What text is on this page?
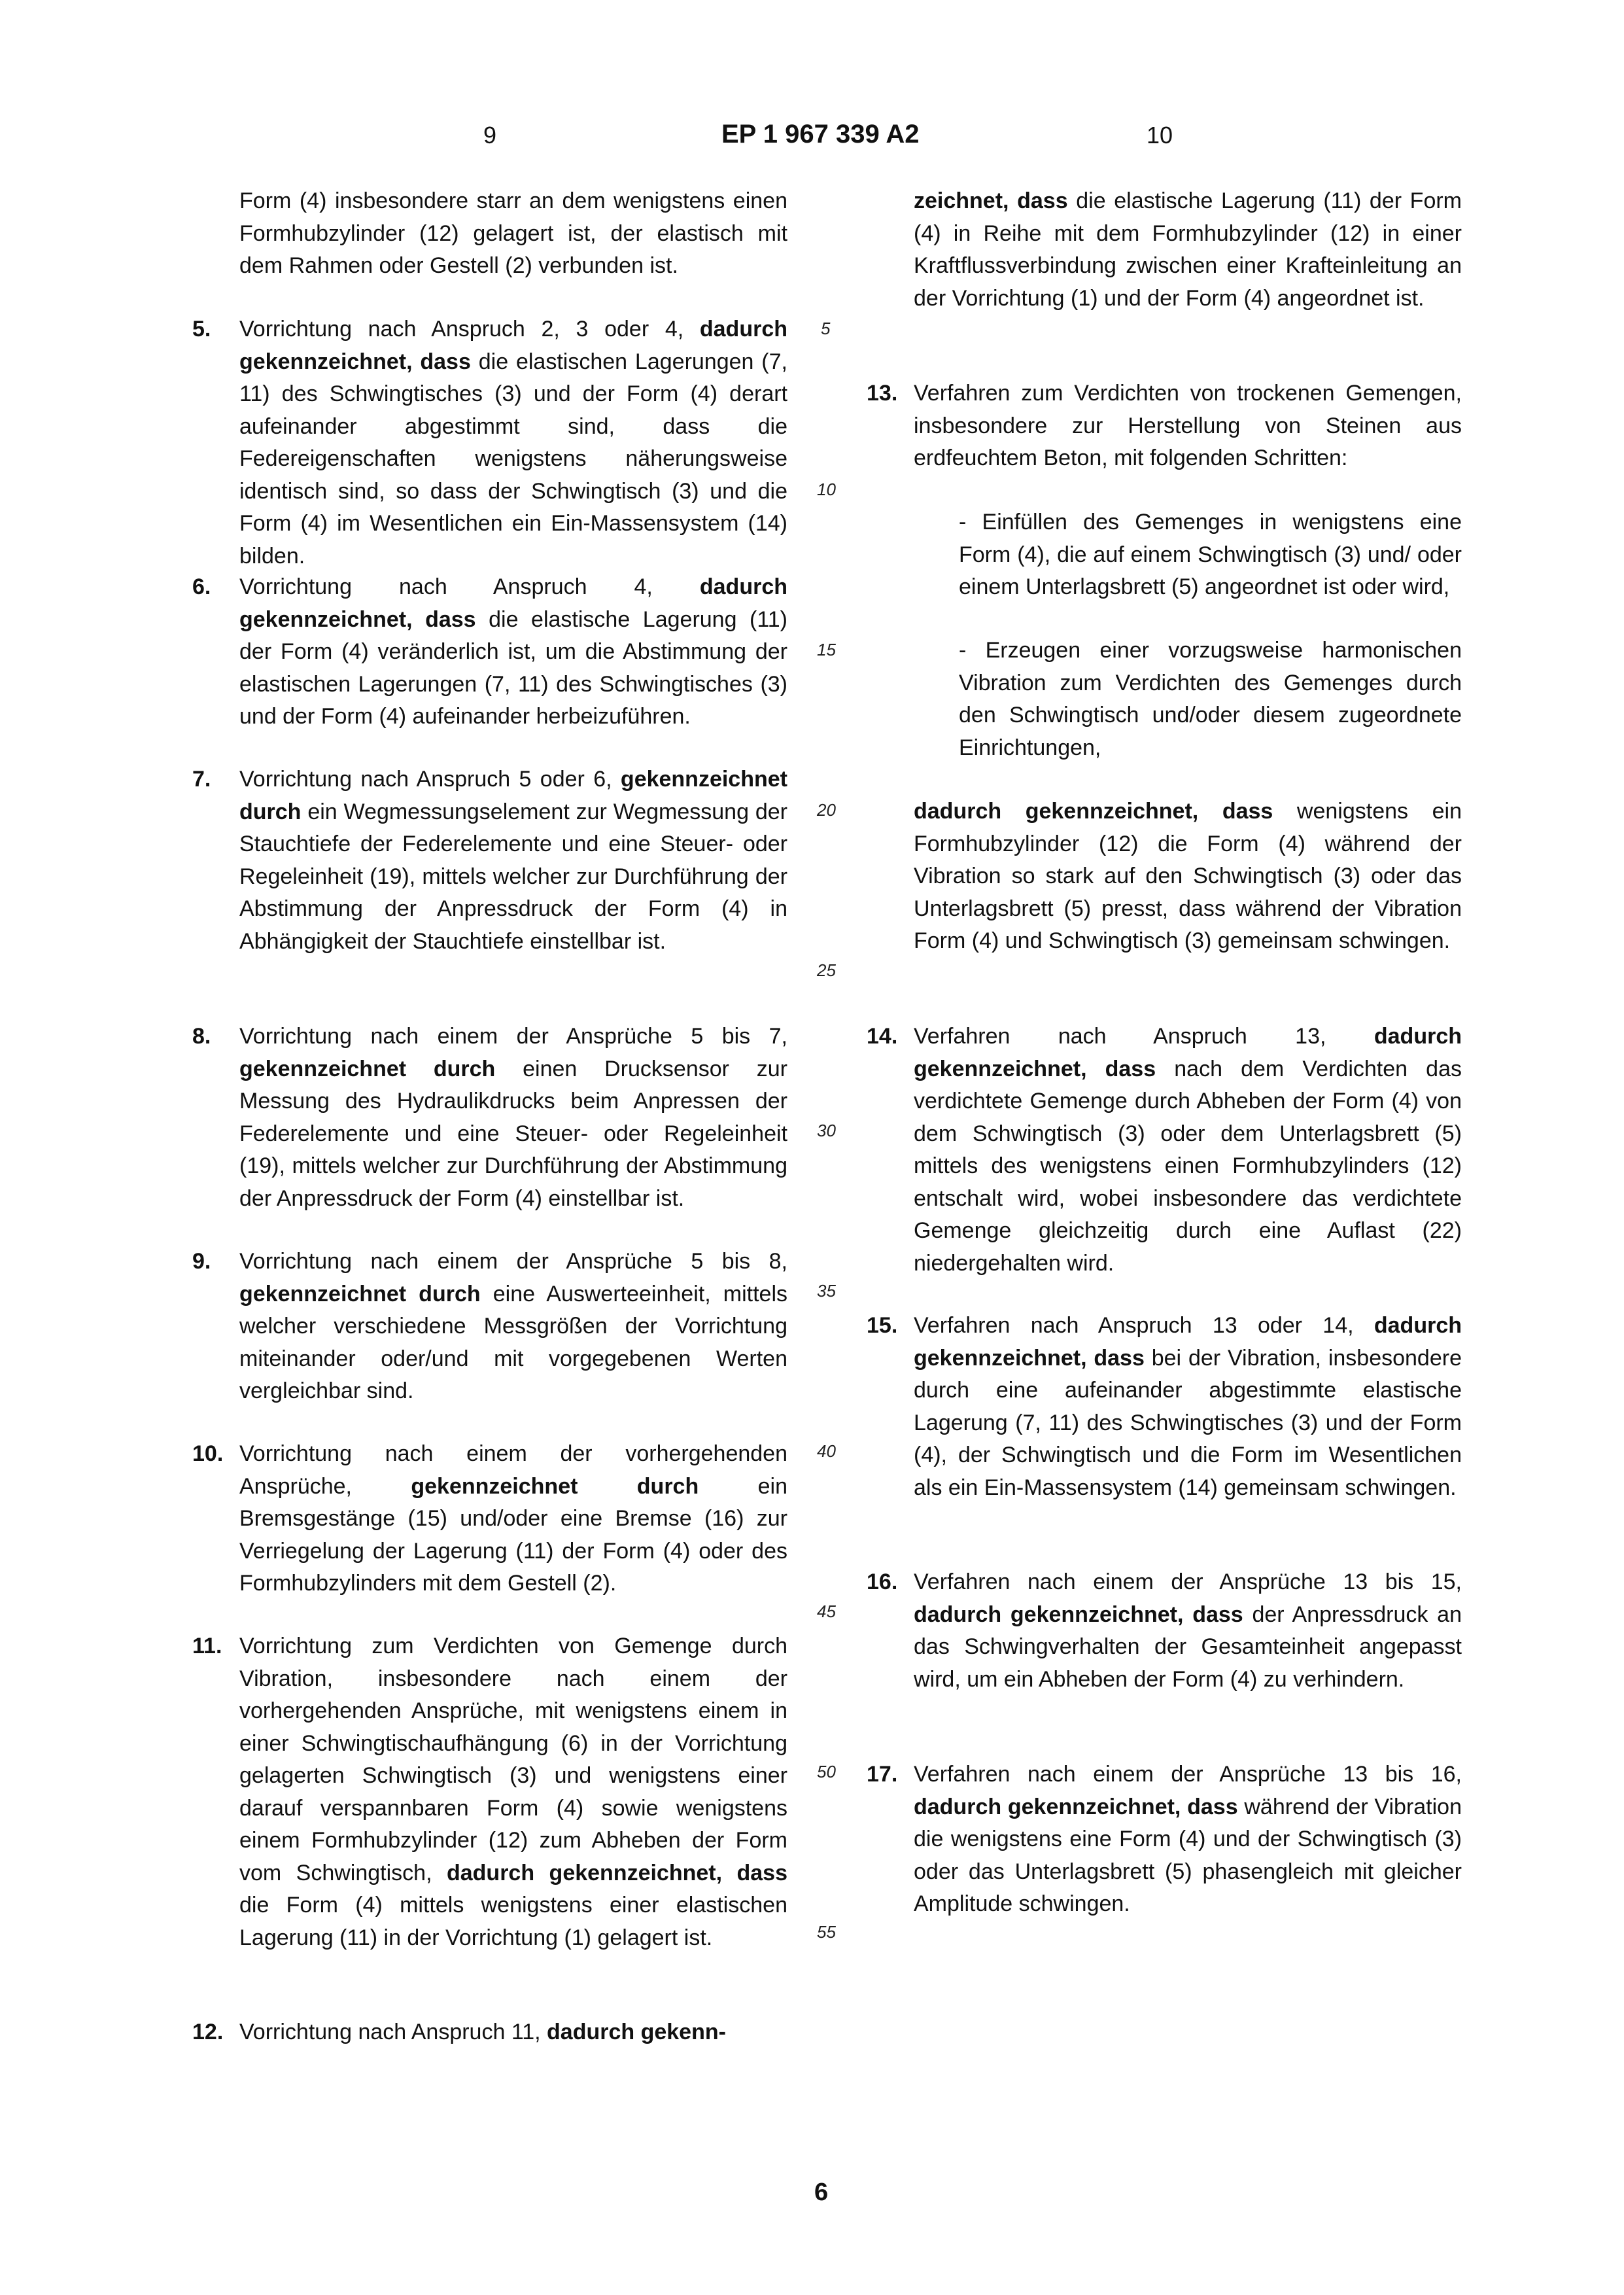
9	EP 1 967 339 A2	10
5
10
15
20
25
30
35
40
45
50
55
Form (4) insbesondere starr an dem wenigstens einen Formhubzylinder (12) gelagert ist, der elastisch mit dem Rahmen oder Gestell (2) verbunden ist.
5. Vorrichtung nach Anspruch 2, 3 oder 4, dadurch gekennzeichnet, dass die elastischen Lagerungen (7, 11) des Schwingtisches (3) und der Form (4) derart aufeinander abgestimmt sind, dass die Federeigenschaften wenigstens näherungsweise identisch sind, so dass der Schwingtisch (3) und die Form (4) im Wesentlichen ein Ein-Massensystem (14) bilden.
6. Vorrichtung nach Anspruch 4, dadurch gekennzeichnet, dass die elastische Lagerung (11) der Form (4) veränderlich ist, um die Abstimmung der elastischen Lagerungen (7, 11) des Schwingtisches (3) und der Form (4) aufeinander herbeizuführen.
7. Vorrichtung nach Anspruch 5 oder 6, gekennzeichnet durch ein Wegmessungselement zur Wegmessung der Stauchtiefe der Federelemente und eine Steuer- oder Regeleinheit (19), mittels welcher zur Durchführung der Abstimmung der Anpressdruck der Form (4) in Abhängigkeit der Stauchtiefe einstellbar ist.
8. Vorrichtung nach einem der Ansprüche 5 bis 7, gekennzeichnet durch einen Drucksensor zur Messung des Hydraulikdrucks beim Anpressen der Federelemente und eine Steuer- oder Regeleinheit (19), mittels welcher zur Durchführung der Abstimmung der Anpressdruck der Form (4) einstellbar ist.
9. Vorrichtung nach einem der Ansprüche 5 bis 8, gekennzeichnet durch eine Auswerteeinheit, mittels welcher verschiedene Messgrößen der Vorrichtung miteinander oder/und mit vorgegebenen Werten vergleichbar sind.
10. Vorrichtung nach einem der vorhergehenden Ansprüche, gekennzeichnet durch ein Bremsgestänge (15) und/oder eine Bremse (16) zur Verriegelung der Lagerung (11) der Form (4) oder des Formhubzylinders mit dem Gestell (2).
11. Vorrichtung zum Verdichten von Gemenge durch Vibration, insbesondere nach einem der vorhergehenden Ansprüche, mit wenigstens einem in einer Schwingtischaufhängung (6) in der Vorrichtung gelagerten Schwingtisch (3) und wenigstens einer darauf verspannbaren Form (4) sowie wenigstens einem Formhubzylinder (12) zum Abheben der Form vom Schwingtisch, dadurch gekennzeichnet, dass die Form (4) mittels wenigstens einer elastischen Lagerung (11) in der Vorrichtung (1) gelagert ist.
12. Vorrichtung nach Anspruch 11, dadurch gekenn-
zeichnet, dass die elastische Lagerung (11) der Form (4) in Reihe mit dem Formhubzylinder (12) in einer Kraftflussverbindung zwischen einer Krafteinleitung an der Vorrichtung (1) und der Form (4) angeordnet ist.
13. Verfahren zum Verdichten von trockenen Gemengen, insbesondere zur Herstellung von Steinen aus erdfeuchtem Beton, mit folgenden Schritten:
- Einfüllen des Gemenges in wenigstens eine Form (4), die auf einem Schwingtisch (3) und/ oder einem Unterlagsbrett (5) angeordnet ist oder wird,
- Erzeugen einer vorzugsweise harmonischen Vibration zum Verdichten des Gemenges durch den Schwingtisch und/oder diesem zugeordnete Einrichtungen,
dadurch gekennzeichnet, dass wenigstens ein Formhubzylinder (12) die Form (4) während der Vibration so stark auf den Schwingtisch (3) oder das Unterlagsbrett (5) presst, dass während der Vibration Form (4) und Schwingtisch (3) gemeinsam schwingen.
14. Verfahren nach Anspruch 13, dadurch gekennzeichnet, dass nach dem Verdichten das verdichtete Gemenge durch Abheben der Form (4) von dem Schwingtisch (3) oder dem Unterlagsbrett (5) mittels des wenigstens einen Formhubzylinders (12) entschalt wird, wobei insbesondere das verdichtete Gemenge gleichzeitig durch eine Auflast (22) niedergehalten wird.
15. Verfahren nach Anspruch 13 oder 14, dadurch gekennzeichnet, dass bei der Vibration, insbesondere durch eine aufeinander abgestimmte elastische Lagerung (7, 11) des Schwingtisches (3) und der Form (4), der Schwingtisch und die Form im Wesentlichen als ein Ein-Massensystem (14) gemeinsam schwingen.
16. Verfahren nach einem der Ansprüche 13 bis 15, dadurch gekennzeichnet, dass der Anpressdruck an das Schwingverhalten der Gesamteinheit angepasst wird, um ein Abheben der Form (4) zu verhindern.
17. Verfahren nach einem der Ansprüche 13 bis 16, dadurch gekennzeichnet, dass während der Vibration die wenigstens eine Form (4) und der Schwingtisch (3) oder das Unterlagsbrett (5) phasengleich mit gleicher Amplitude schwingen.
6
